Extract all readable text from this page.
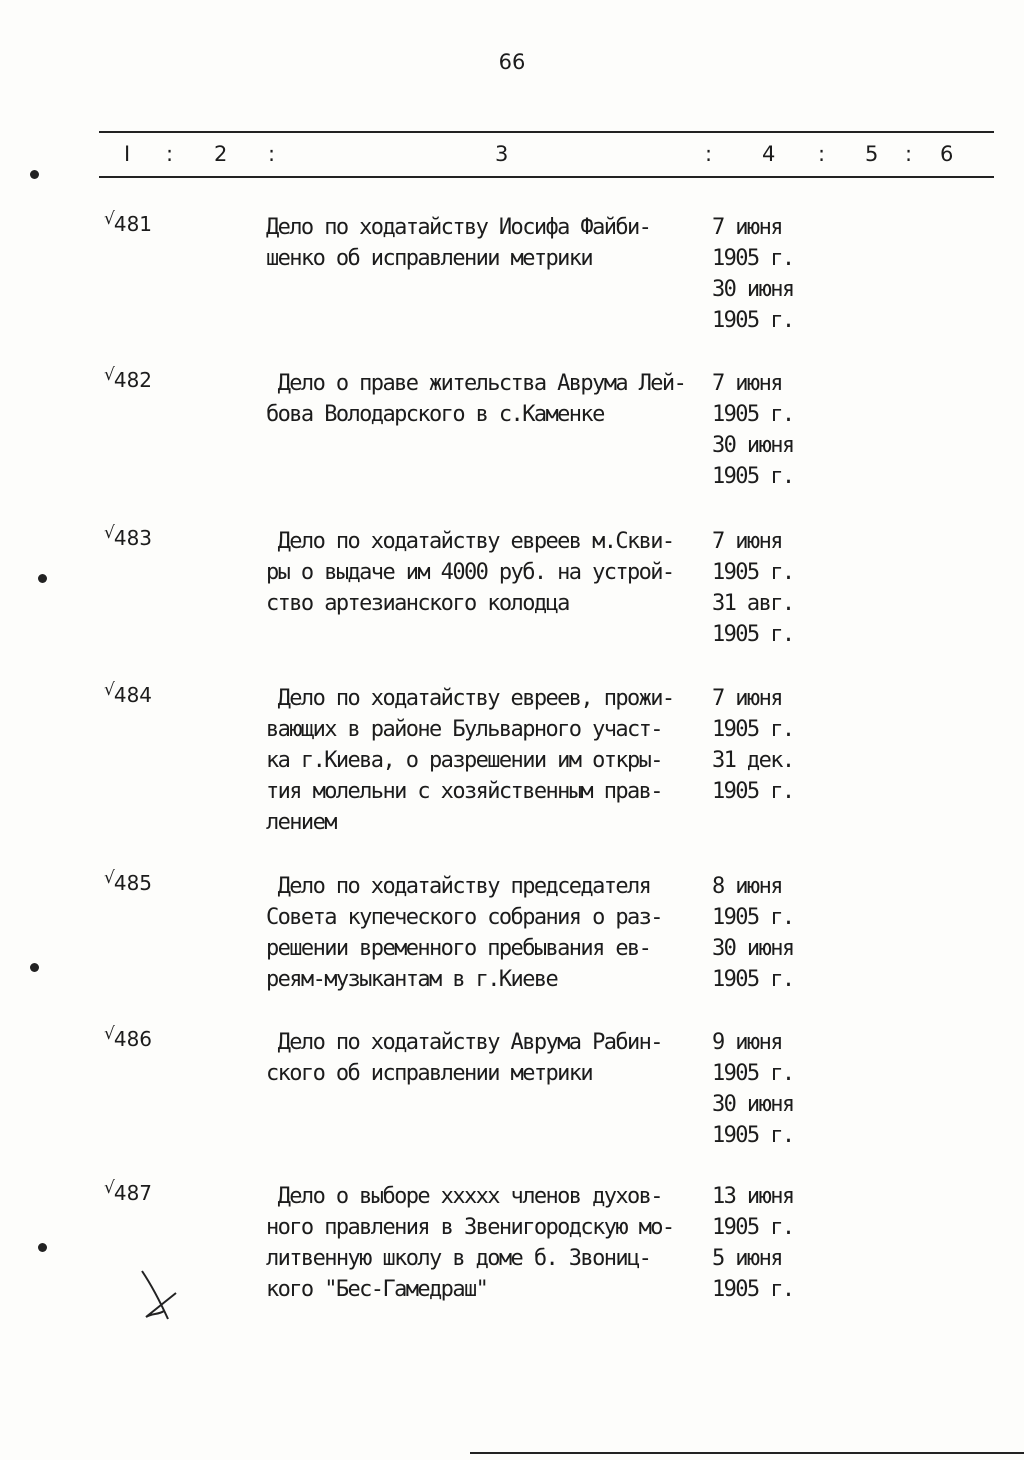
66
I : 2 :	3	: 4 : 5 : 6
√481	Дело по ходатайству Иосифа Файби-
шенко об исправлении метрики
7 июня
1905 г.
30 июня
1905 г.
√482	Дело о праве жительства Аврума Лей-
бова Володарского в с.Каменке
7 июня
1905 г.
30 июня
1905 г.
√483	Дело по ходатайству евреев м.Скви-
ры о выдаче им 4000 руб. на устрой-
ство артезианского колодца
7 июня
1905 г.
31 авг.
1905 г.
√484	Дело по ходатайству евреев, прожи-
вающих в районе Бульварного участ-
ка г.Киева, о разрешении им откры-
тия молельни с хозяйственным прав-
лением
7 июня
1905 г.
31 дек.
1905 г.
√485	Дело по ходатайству председателя
Совета купеческого собрания о раз-
решении временного пребывания ев-
реям-музыкантам в г.Киеве
8 июня
1905 г.
30 июня
1905 г.
√486	Дело по ходатайству Аврума Рабин-
ского об исправлении метрики
9 июня
1905 г.
30 июня
1905 г.
√487	Дело о выборе ххххх членов духов-
ного правления в Звенигородскую мо-
литвенную школу в доме б. Звониц-
кого "Бес-Гамедраш"
13 июня
1905 г.
5 июня
1905 г.
